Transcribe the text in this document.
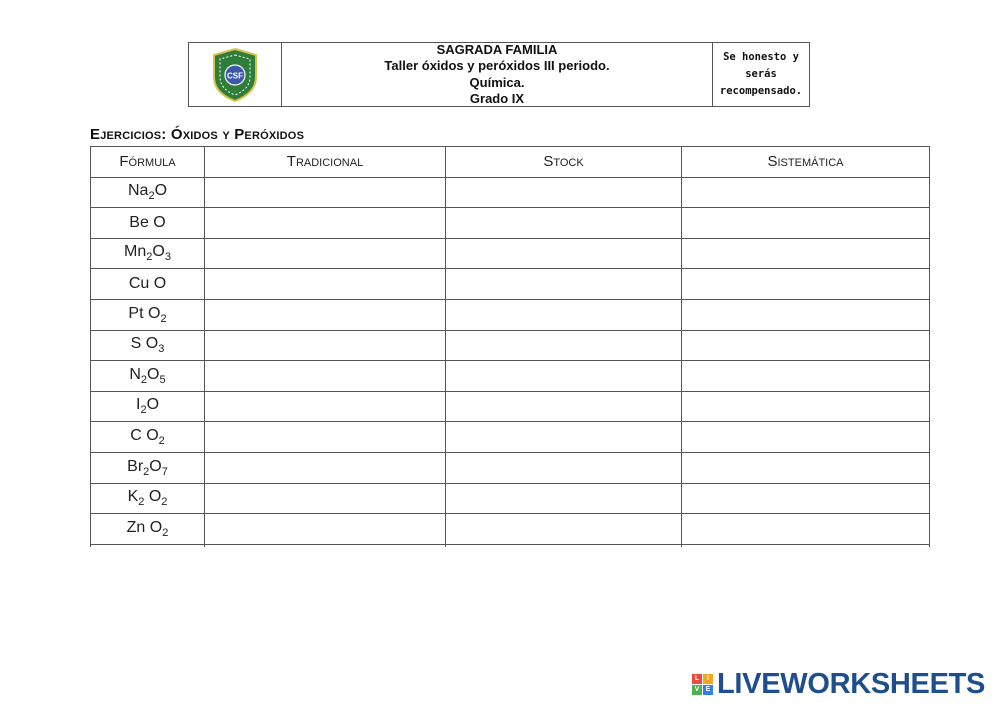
CSF
SAGRADA FAMILIA
Taller óxidos y peróxidos III periodo.
Química.
Grado IX
Se honesto y
serás
recompensado.
Ejercicios: Óxidos y Peróxidos
Fórmula	Tradicional	Stock	Sistemática
$Na_2O$			
Be O			
$Mn_2O_3$			
Cu O			
Pt $O_2$			
S $O_3$			
$N_2O_5$			
$I_2O$			
C $O_2$			
$Br_2O_7$			
$K_2$ $O_2$			
Zn $O_2$			

L	I
V E LIVEWORKSHEETS
